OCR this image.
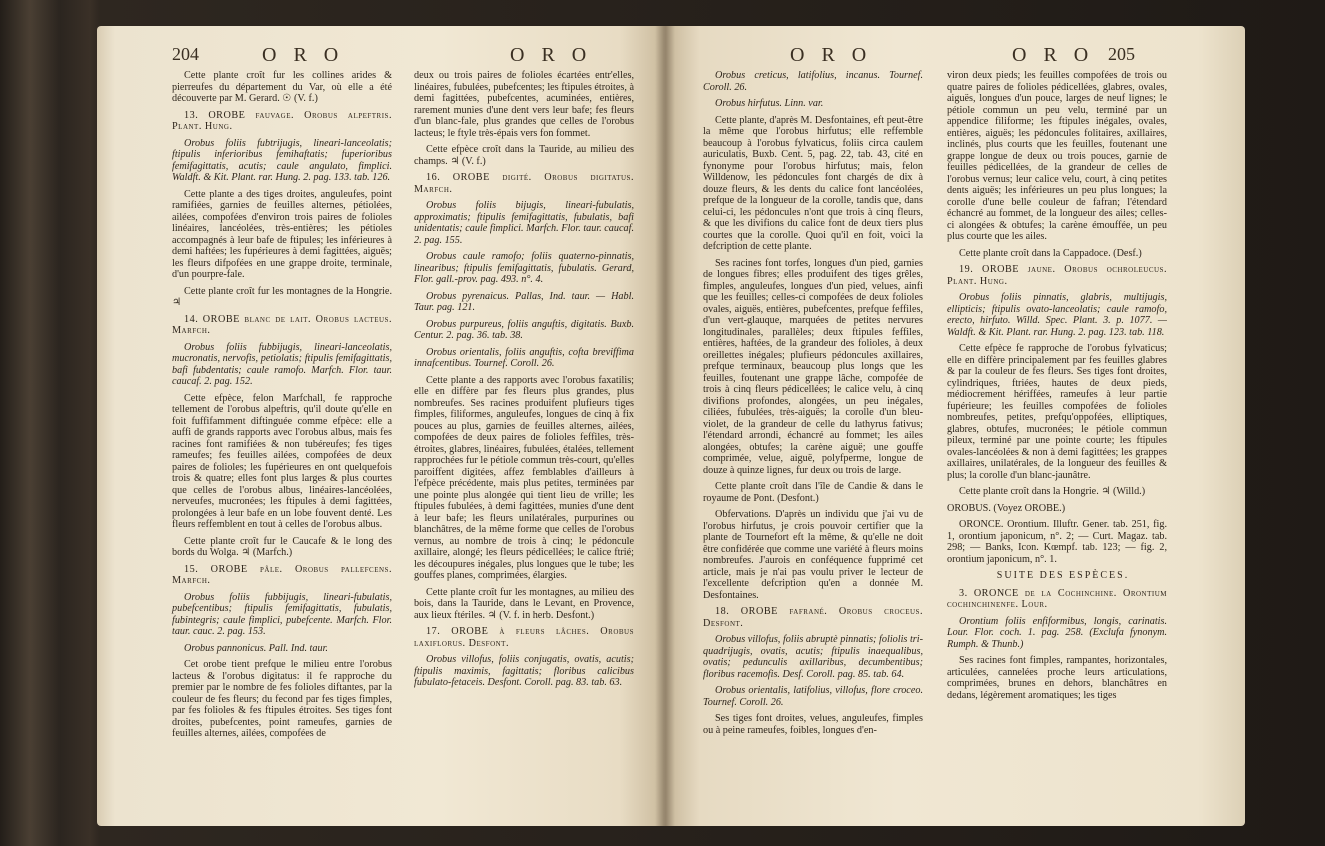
204	O R O	O R O	O R O	O R O 205

Cette plante croît fur les collines arides & pierreufes du département du Var, où elle a été découverte par M. Gerard. ☉ (V. f.)

13. OROBE fauvage. Orobus alpeftris. Plant. Hung.

Orobus foliis fubtrijugis, lineari-lanceolatis; ftipulis inferioribus femihaftatis; fuperioribus femifagittatis, acutis; caule angulato, fimplici. Waldft. & Kit. Plant. rar. Hung. 2. pag. 133. tab. 126.

Cette plante a des tiges droites, anguleufes, point ramifiées, garnies de feuilles alternes, pétiolées, ailées, compofées d'environ trois paires de folioles linéaires, lancéolées, très-entières; les pétioles accompagnés à leur bafe de ftipules; les inférieures à demi haftées; les fupérieures à demi fagittées, aiguës; les fleurs difpofées en une grappe droite, terminale, d'un pourpre-fale.

Cette plante croît fur les montagnes de la Hongrie. ♃

14. OROBE blanc de lait. Orobus lacteus. Marfch.

Orobus foliis fubbijugis, lineari-lanceolatis, mucronatis, nervofis, petiolatis; ftipulis femifagittatis, bafi fubdentatis; caule ramofo. Marfch. Flor. taur. caucaf. 2. pag. 152.

Cette efpèce, felon Marfchall, fe rapproche tellement de l'orobus alpeftris, qu'il doute qu'elle en foit fuffifamment diftinguée comme efpèce: elle a auffi de grands rapports avec l'orobus albus, mais fes racines font ramifiées & non tubéreufes; fes tiges rameufes; fes feuilles ailées, compofées de deux paires de folioles; les fupérieures en ont quelquefois trois & quatre; elles font plus larges & plus courtes que celles de l'orobus albus, linéaires-lancéolées, nerveufes, mucronées; les ftipules à demi fagittées, prolongées à leur bafe en un lobe fouvent denté. Les fleurs reffemblent en tout à celles de l'orobus albus.

Cette plante croît fur le Caucafe & le long des bords du Wolga. ♃ (Marfch.)

15. OROBE pâle. Orobus pallefcens. Marfch.

Orobus foliis fubbijugis, lineari-fubulatis, pubefcentibus; ftipulis femifagittatis, fubulatis, fubintegris; caule fimplici, pubefcente. Marfch. Flor. taur. cauc. 2. pag. 153.

Orobus pannonicus. Pall. Ind. taur.

Cet orobe tient prefque le milieu entre l'orobus lacteus & l'orobus digitatus: il fe rapproche du premier par le nombre de fes folioles diftantes, par la couleur de fes fleurs; du fecond par fes tiges fimples, par fes folioles & fes ftipules étroites. Ses tiges font droites, pubefcentes, point rameufes, garnies de feuilles alternes, ailées, compofées de

deux ou trois paires de folioles écartées entr'elles, linéaires, fubulées, pubefcentes; les ftipules étroites, à demi fagittées, pubefcentes, acuminées, entières, rarement munies d'une dent vers leur bafe; fes fleurs d'un blanc-fale, plus grandes que celles de l'orobus lacteus; le ftyle très-épais vers fon fommet.

Cette efpèce croît dans la Tauride, au milieu des champs. ♃ (V. f.)

16. OROBE digité. Orobus digitatus. Marfch.

Orobus foliis bijugis, lineari-fubulatis, approximatis; ftipulis femifagittatis, fubulatis, bafi unidentatis; caule fimplici. Marfch. Flor. taur. caucaf. 2. pag. 155.

Orobus caule ramofo; foliis quaterno-pinnatis, linearibus; ftipulis femifagittatis, fubulatis. Gerard, Flor. gall.-prov. pag. 493. n°. 4.

Orobus pyrenaicus. Pallas, Ind. taur. — Habl. Taur. pag. 121.

Orobus purpureus, foliis anguftis, digitatis. Buxb. Centur. 2. pag. 36. tab. 38.

Orobus orientalis, foliis anguftis, cofta breviffima innafcentibus. Tournef. Coroll. 26.

Cette plante a des rapports avec l'orobus faxatilis; elle en diffère par fes fleurs plus grandes, plus nombreufes. Ses racines produifent plufieurs tiges fimples, filiformes, anguleufes, longues de cinq à fix pouces au plus, garnies de feuilles alternes, ailées, compofées de deux paires de folioles feffiles, très-étroites, glabres, linéaires, fubulées, étalées, tellement rapprochées fur le pétiole commun très-court, qu'elles paroiffent digitées, affez femblables d'ailleurs à l'efpèce précédente, mais plus petites, terminées par une pointe plus alongée qui tient lieu de vrille; les ftipules fubulées, à demi fagittées, munies d'une dent à leur bafe; les fleurs unilatérales, purpurines ou blanchâtres, de la même forme que celles de l'orobus vernus, au nombre de trois à cinq; le pédoncule axillaire, alongé; les fleurs pédicellées; le calice ftrié; les découpures inégales, plus longues que le tube; les gouffes planes, comprimées, élargies.

Cette plante croît fur les montagnes, au milieu des bois, dans la Tauride, dans le Levant, en Provence, aux lieux ftériles. ♃ (V. f. in herb. Desfont.)

17. OROBE à fleurs lâches. Orobus laxiflorus. Desfont.

Orobus villofus, foliis conjugatis, ovatis, acutis; ftipulis maximis, fagittatis; floribus calicibus fubulato-fetaceis. Desfont. Coroll. pag. 83. tab. 63.

Orobus creticus, latifolius, incanus. Tournef. Coroll. 26.

Orobus hirfutus. Linn. var.

Cette plante, d'après M. Desfontaines, eft peut-être la même que l'orobus hirfutus; elle reffemble beaucoup à l'orobus fylvaticus, foliis circa caulem auriculatis, Buxb. Cent. 5, pag. 22, tab. 43, cité en fynonyme pour l'orobus hirfutus; mais, felon Willdenow, les pédoncules font chargés de dix à douze fleurs, & les dents du calice font lancéolées, prefque de la longueur de la corolle, tandis que, dans celui-ci, les pédoncules n'ont que trois à cinq fleurs, & que les divifions du calice font de deux tiers plus courtes que la corolle. Quoi qu'il en foit, voici la defcription de cette plante.

Ses racines font torfes, longues d'un pied, garnies de longues fibres; elles produifent des tiges grêles, fimples, anguleufes, longues d'un pied, velues, ainfi que les feuilles; celles-ci compofées de deux folioles ovales, aiguës, entières, pubefcentes, prefque feffiles, d'un vert-glauque, marquées de petites nervures longitudinales, parallèles; deux ftipules feffiles, entières, haftées, de la grandeur des folioles, à deux oreillettes inégales; plufieurs pédoncules axillaires, prefque terminaux, beaucoup plus longs que les feuilles, foutenant une grappe lâche, compofée de trois à cinq fleurs pédicellées; le calice velu, à cinq divifions profondes, alongées, un peu inégales, ciliées, fubulées, très-aiguës; la corolle d'un bleu-violet, de la grandeur de celle du lathyrus fativus; l'étendard arrondi, échancré au fommet; les ailes alongées, obtufes; la carène aiguë; une gouffe comprimée, velue, aiguë, polyfperme, longue de douze à quinze lignes, fur deux ou trois de large.

Cette plante croît dans l'île de Candie & dans le royaume de Pont. (Desfont.)

Obfervations. D'après un individu que j'ai vu de l'orobus hirfutus, je crois pouvoir certifier que la plante de Tournefort eft la même, & qu'elle ne doit être confidérée que comme une variété à fleurs moins nombreufes. J'aurois en conféquence fupprimé cet article, mais je n'ai pas voulu priver le lecteur de l'excellente defcription qu'en a donnée M. Desfontaines.

18. OROBE fafrané. Orobus croceus. Desfont.

Orobus villofus, foliis abruptè pinnatis; foliolis tri-quadrijugis, ovatis, acutis; ftipulis inaequalibus, ovatis; pedunculis axillaribus, decumbentibus; floribus racemofis. Desf. Coroll. pag. 85. tab. 64.

Orobus orientalis, latifolius, villofus, flore croceo. Tournef. Coroll. 26.

Ses tiges font droites, velues, anguleufes, fimples ou à peine rameufes, foibles, longues d'en-

viron deux pieds; les feuilles compofées de trois ou quatre paires de folioles pédicellées, glabres, ovales, aiguës, longues d'un pouce, larges de neuf lignes; le pétiole commun un peu velu, terminé par un appendice filiforme; les ftipules inégales, ovales, entières, aiguës; les pédoncules folitaires, axillaires, inclinés, plus courts que les feuilles, foutenant une grappe longue de deux ou trois pouces, garnie de feuilles pédicellées, de la grandeur de celles de l'orobus vernus; leur calice velu, court, à cinq petites dents aiguës; les inférieures un peu plus longues; la corolle d'une belle couleur de fafran; l'étendard échancré au fommet, de la longueur des ailes; celles-ci alongées & obtufes; la carène émouffée, un peu plus courte que les ailes.

Cette plante croît dans la Cappadoce. (Desf.)

19. OROBE jaune. Orobus ochroleucus. Plant. Hung.

Orobus foliis pinnatis, glabris, multijugis, ellipticis; ftipulis ovato-lanceolatis; caule ramofo, erecto, hirfuto. Willd. Spec. Plant. 3. p. 1077. — Waldft. & Kit. Plant. rar. Hung. 2. pag. 123. tab. 118.

Cette efpèce fe rapproche de l'orobus fylvaticus; elle en diffère principalement par fes feuilles glabres & par la couleur de fes fleurs. Ses tiges font droites, cylindriques, ftriées, hautes de deux pieds, médiocrement hériffées, rameufes à leur partie fupérieure; les feuilles compofées de folioles nombreufes, petites, prefqu'oppofées, elliptiques, glabres, obtufes, mucronées; le pétiole commun pileux, terminé par une pointe courte; les ftipules ovales-lancéolées & non à demi fagittées; les grappes axillaires, unilatérales, de la longueur des feuilles & plus; la corolle d'un blanc-jaunâtre.

Cette plante croît dans la Hongrie. ♃ (Willd.)

OROBUS. (Voyez OROBE.)

ORONCE. Orontium. Illuftr. Gener. tab. 251, fig. 1, orontium japonicum, n°. 2; — Curt. Magaz. tab. 298; — Banks, Icon. Kœmpf. tab. 123; — fig. 2, orontium japonicum, n°. 1.

SUITE DES ESPÈCES.

3. ORONCE de la Cochinchine. Orontium cochinchinenfe. Lour.

Orontium foliis enfiformibus, longis, carinatis. Lour. Flor. coch. 1. pag. 258. (Exclufa fynonym. Rumph. & Thunb.)

Ses racines font fimples, rampantes, horizontales, articulées, cannelées proche leurs articulations, comprimées, brunes en dehors, blanchâtres en dedans, légèrement aromatiques; les tiges
